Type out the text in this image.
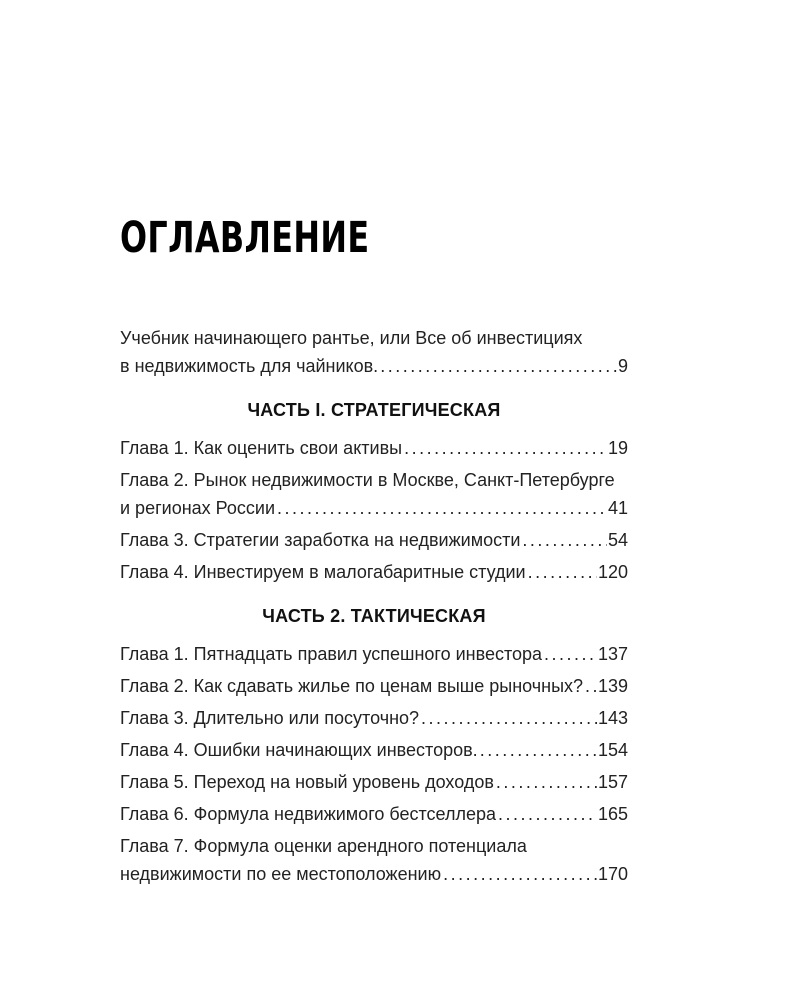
ОГЛАВЛЕНИЕ
Учебник начинающего рантье, или Все об инвестициях
в недвижимость для чайников. .....	9
ЧАСТЬ I. СТРАТЕГИЧЕСКАЯ
Глава 1. Как оценить свои активы .....	19
Глава 2. Рынок недвижимости в Москве, Санкт-Петербурге
и регионах России .....	41
Глава 3. Стратегии заработка на недвижимости .....	54
Глава 4. Инвестируем в малогабаритные студии .....	120
ЧАСТЬ 2. ТАКТИЧЕСКАЯ
Глава 1. Пятнадцать правил успешного инвестора .....	137
Глава 2. Как сдавать жилье по ценам выше рыночных? ..... 139
Глава 3. Длительно или посуточно? .....	143
Глава 4. Ошибки начинающих инвесторов. .....	154
Глава 5. Переход на новый уровень доходов .....	157
Глава 6. Формула недвижимого бестселлера .....	165
Глава 7. Формула оценки арендного потенциала
недвижимости по ее местоположению .....	170
